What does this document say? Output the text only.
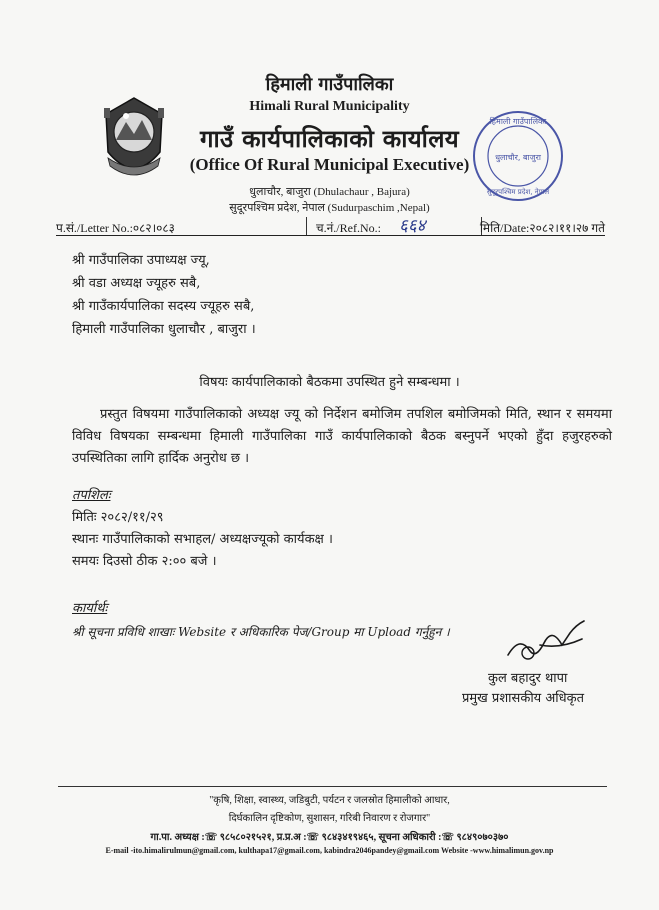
हिमाली गाउँपालिका
Himali Rural Municipality
गाउँ कार्यपालिकाको कार्यालय
(Office Of Rural Municipal Executive)
धुलाचौर, बाजुरा (Dhulachaur , Bajura)
सुदूरपश्चिम प्रदेश, नेपाल (Sudurpaschim ,Nepal)
हिमाली गाउँपालिका
धुलाचौर, बाजुरा
सुदूरपश्चिम प्रदेश, नेपाल
प.सं./Letter No.:०८२।०८३	च.नं./Ref.No.: ६६४	मिति/Date:२०८२।११।२७ गते
श्री गाउँपालिका उपाध्यक्ष ज्यू,
श्री वडा अध्यक्ष ज्यूहरु सबै,
श्री गाउँकार्यपालिका सदस्य ज्यूहरु सबै,
हिमाली गाउँपालिका धुलाचौर , बाजुरा ।
विषयः कार्यपालिकाको बैठकमा उपस्थित हुने सम्बन्धमा ।
प्रस्तुत विषयमा गाउँपालिकाको अध्यक्ष ज्यू को निर्देशन बमोजिम तपशिल बमोजिमको मिति, स्थान र समयमा विविध विषयका सम्बन्धमा हिमाली गाउँपालिका गाउँ कार्यपालिकाको बैठक बस्नुपर्ने भएको हुँदा हजुरहरुको उपस्थितिका लागि हार्दिक अनुरोध छ ।
तपशिलः
मितिः २०८२/११/२९
स्थानः गाउँपालिकाको सभाहल/ अध्यक्षज्यूको कार्यकक्ष ।
समयः दिउसो ठीक २:०० बजे ।
कार्यार्थः
श्री सूचना प्रविधि शाखाः Website र अधिकारिक पेज/Group मा Upload गर्नुहुन ।
कुल बहादुर थापा
प्रमुख प्रशासकीय अधिकृत
"कृषि, शिक्षा, स्वास्थ्य, जडिबुटी, पर्यटन र जलस्रोत हिमालीको आधार,
दिर्घकालिन दृष्टिकोण, सुशासन, गरिबी निवारण र रोजगार"
गा.पा. अध्यक्ष :☏ ९८५८०२१५२१, प्र.प्र.अ :☏ ९८४३४१९४६५, सूचना अधिकारी :☏ ९८४९०७०३७०
E-mail -ito.himalirulmun@gmail.com, kulthapa17@gmail.com, kabindra2046pandey@gmail.com Website -www.himalimun.gov.np
